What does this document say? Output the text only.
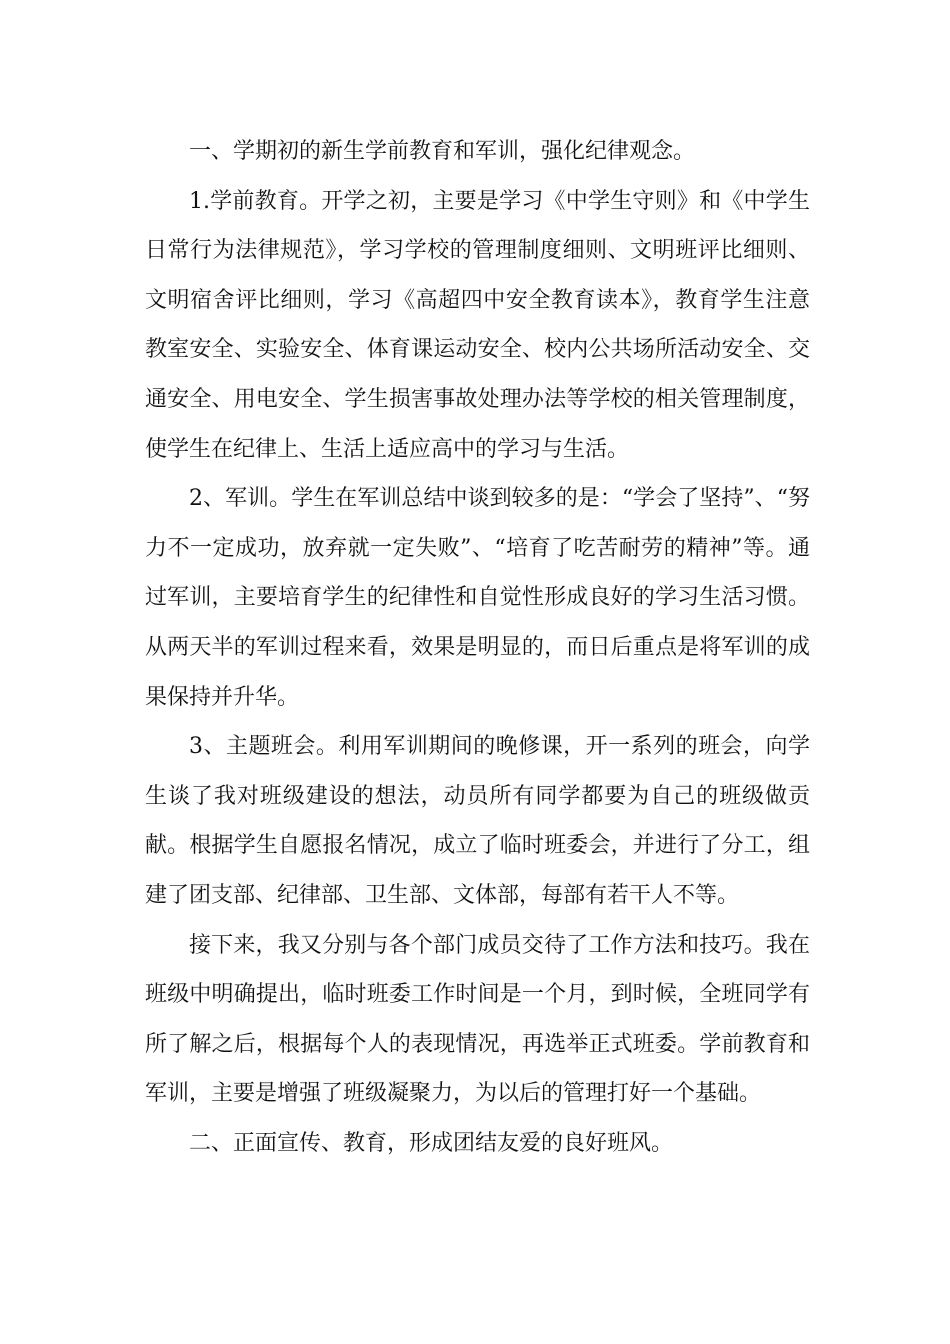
一、学期初的新生学前教育和军训，强化纪律观念。

1.学前教育。开学之初，主要是学习《中学生守则》和《中学生日常行为法律规范》，学习学校的管理制度细则、文明班评比细则、文明宿舍评比细则，学习《高超四中安全教育读本》，教育学生注意教室安全、实验安全、体育课运动安全、校内公共场所活动安全、交通安全、用电安全、学生损害事故处理办法等学校的相关管理制度，使学生在纪律上、生活上适应高中的学习与生活。

2、军训。学生在军训总结中谈到较多的是：“学会了坚持”、“努力不一定成功，放弃就一定失败”、“培育了吃苦耐劳的精神”等。通过军训，主要培育学生的纪律性和自觉性形成良好的学习生活习惯。从两天半的军训过程来看，效果是明显的，而日后重点是将军训的成果保持并升华。

3、主题班会。利用军训期间的晚修课，开一系列的班会，向学生谈了我对班级建设的想法，动员所有同学都要为自己的班级做贡献。根据学生自愿报名情况，成立了临时班委会，并进行了分工，组建了团支部、纪律部、卫生部、文体部，每部有若干人不等。

接下来，我又分别与各个部门成员交待了工作方法和技巧。我在班级中明确提出，临时班委工作时间是一个月，到时候，全班同学有所了解之后，根据每个人的表现情况，再选举正式班委。学前教育和军训，主要是增强了班级凝聚力，为以后的管理打好一个基础。

二、正面宣传、教育，形成团结友爱的良好班风。
